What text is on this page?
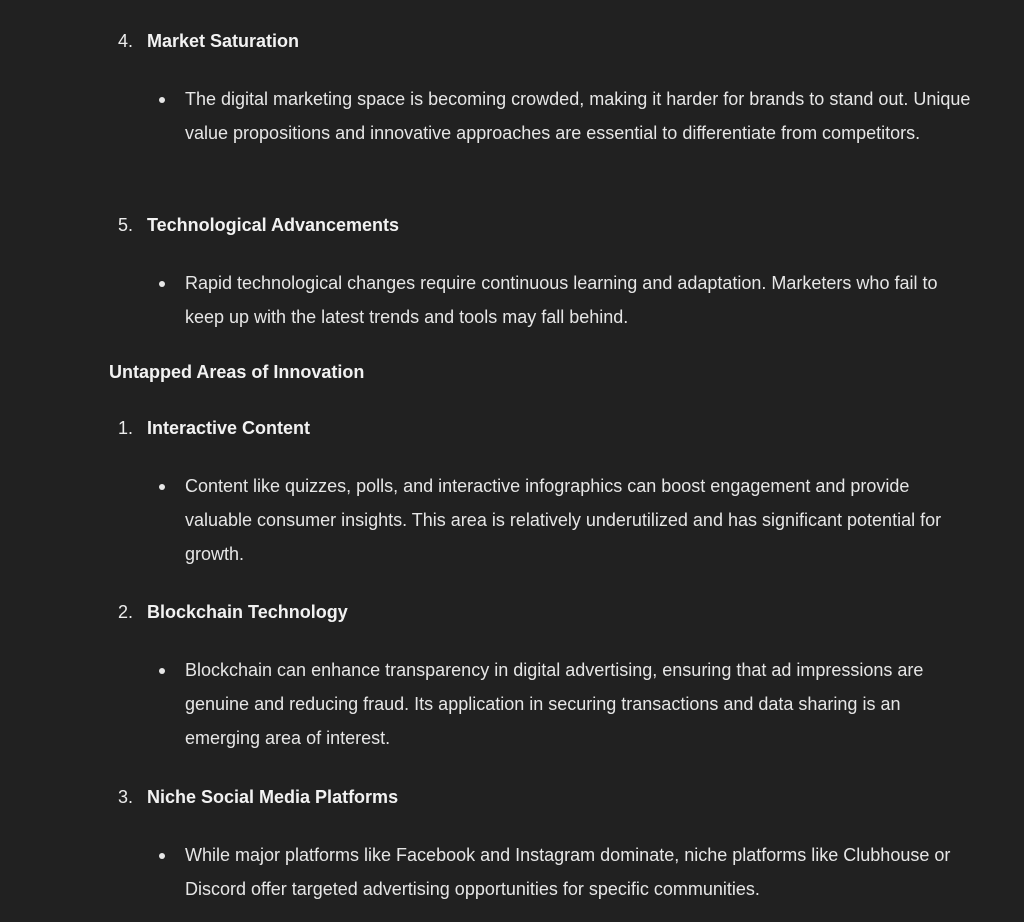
4. Market Saturation
The digital marketing space is becoming crowded, making it harder for brands to stand out. Unique value propositions and innovative approaches are essential to differentiate from competitors.
5. Technological Advancements
Rapid technological changes require continuous learning and adaptation. Marketers who fail to keep up with the latest trends and tools may fall behind.
Untapped Areas of Innovation
1. Interactive Content
Content like quizzes, polls, and interactive infographics can boost engagement and provide valuable consumer insights. This area is relatively underutilized and has significant potential for growth.
2. Blockchain Technology
Blockchain can enhance transparency in digital advertising, ensuring that ad impressions are genuine and reducing fraud. Its application in securing transactions and data sharing is an emerging area of interest.
3. Niche Social Media Platforms
While major platforms like Facebook and Instagram dominate, niche platforms like Clubhouse or Discord offer targeted advertising opportunities for specific communities.
